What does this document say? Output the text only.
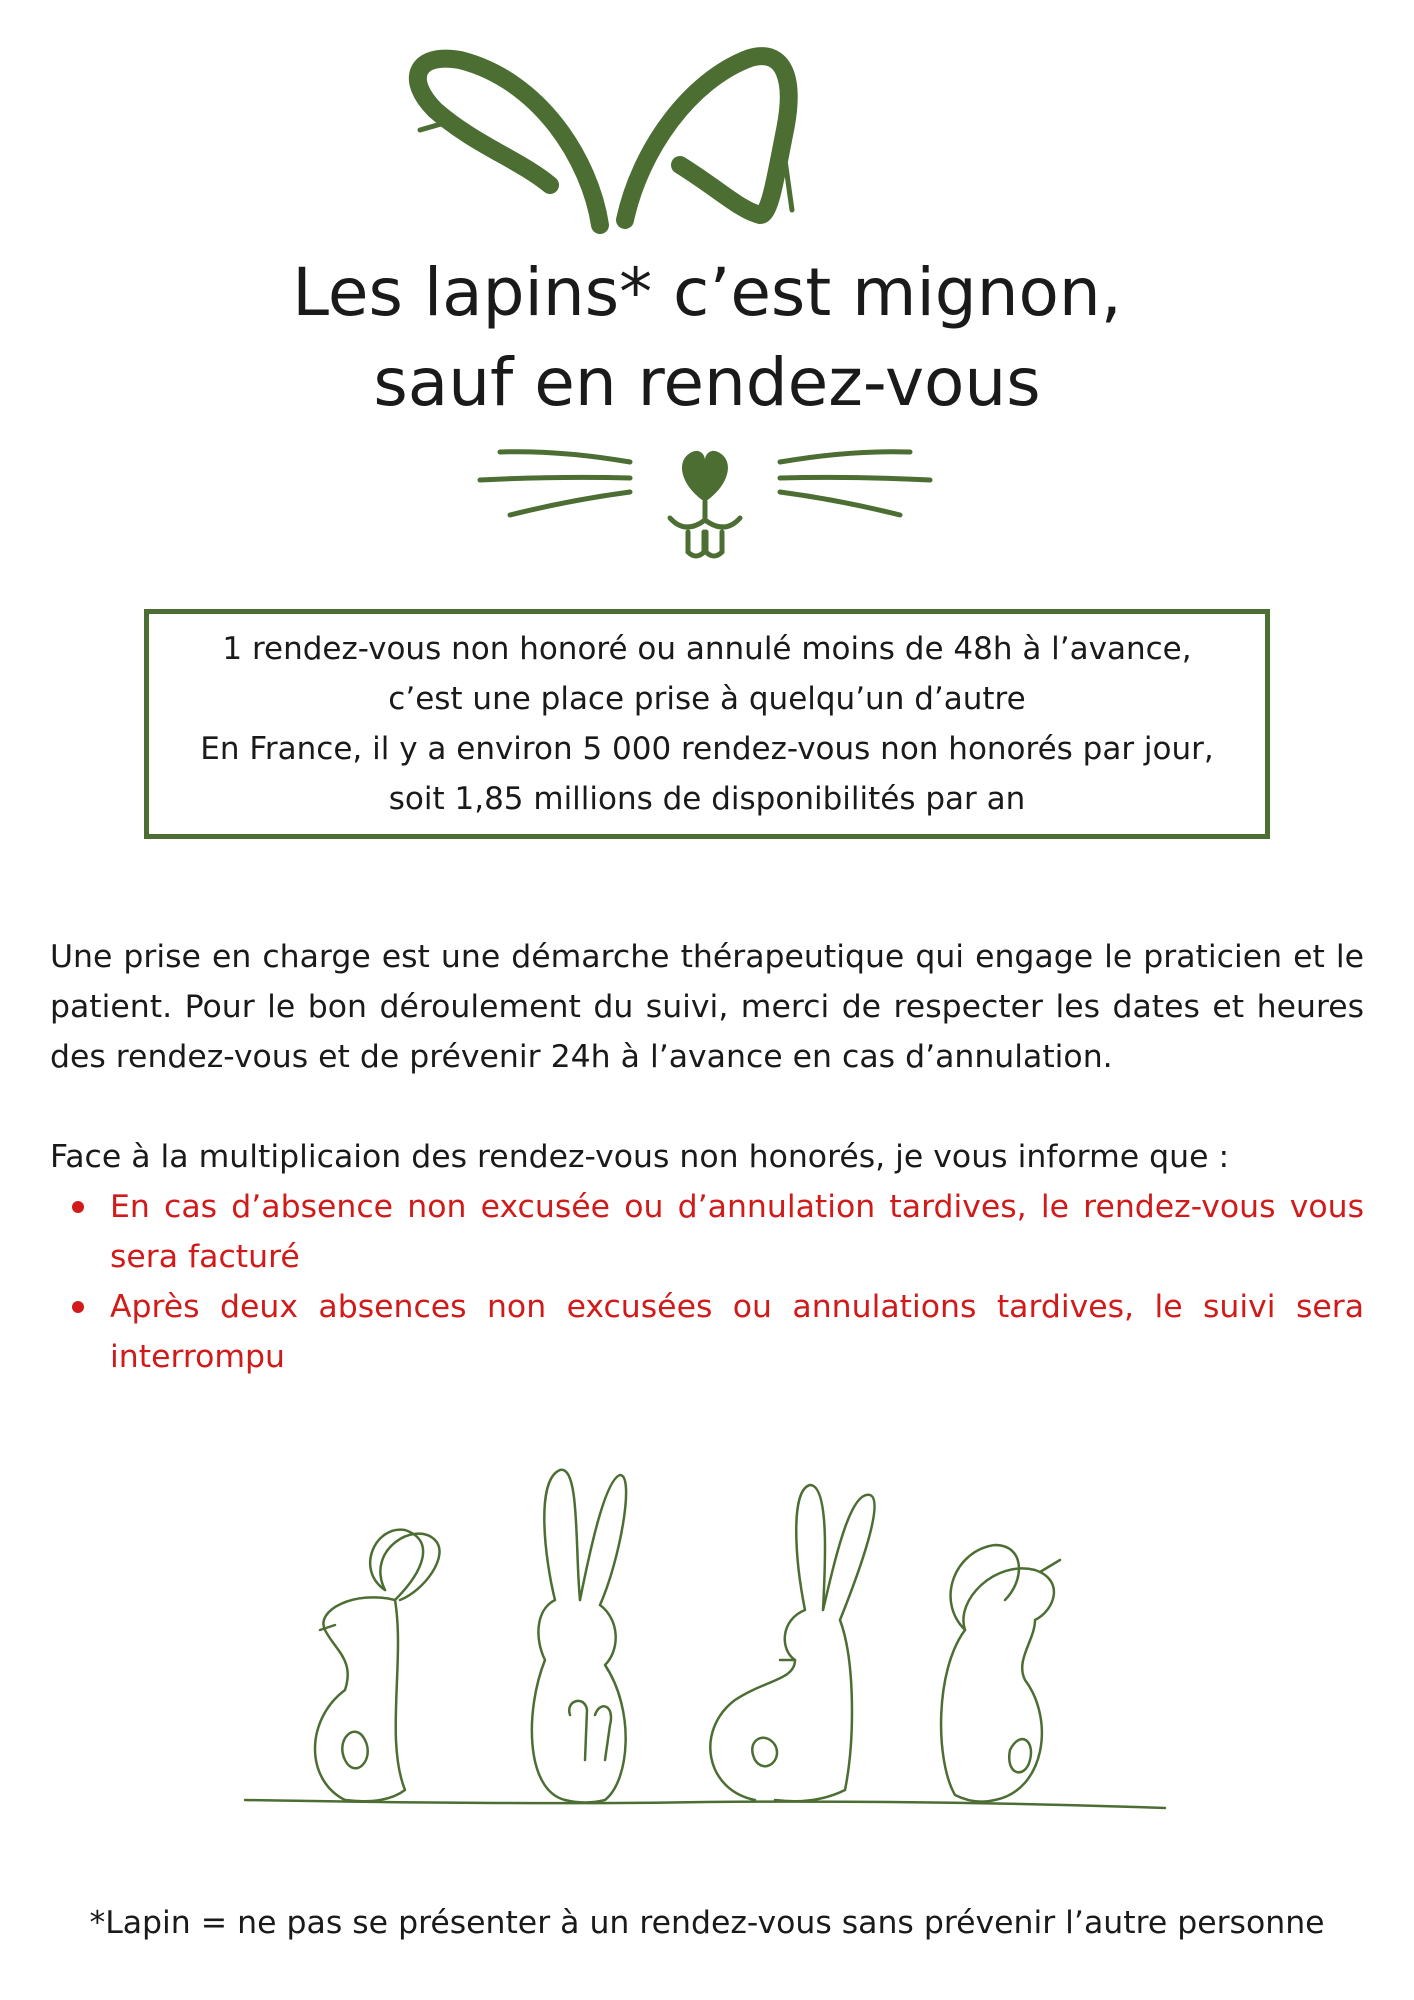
Les lapins* c’est mignon,
sauf en rendez-vous
1 rendez-vous non honoré ou annulé moins de 48h à l’avance,
c’est une place prise à quelqu’un d’autre
En France, il y a environ 5 000 rendez-vous non honorés par jour,
soit 1,85 millions de disponibilités par an

Une prise en charge est une démarche thérapeutique qui engage le praticien et le patient. Pour le bon déroulement du suivi, merci de respecter les dates et heures des rendez-vous et de prévenir 24h à l’avance en cas d’annulation.

Face à la multiplicaion des rendez-vous non honorés, je vous informe que :

En cas d’absence non excusée ou d’annulation tardives, le rendez-vous vous sera facturé
Après deux absences non excusées ou annulations tardives, le suivi sera interrompu

*Lapin = ne pas se présenter à un rendez-vous sans prévenir l’autre personne
